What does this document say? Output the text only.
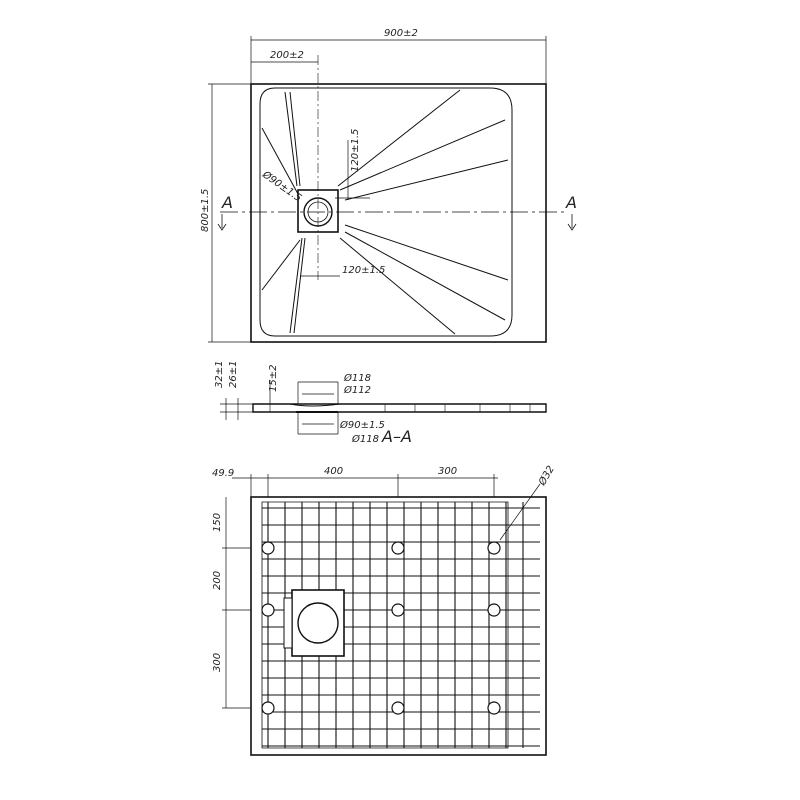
900±2
200±2
800±1.5
Ø90±1.5
120±1.5
120±1.5
A	A
32±1 26±1	15±2	Ø118
Ø112
Ø90±1.5
Ø118 A–A
49.9	400	300	Ø32
150
200
300
